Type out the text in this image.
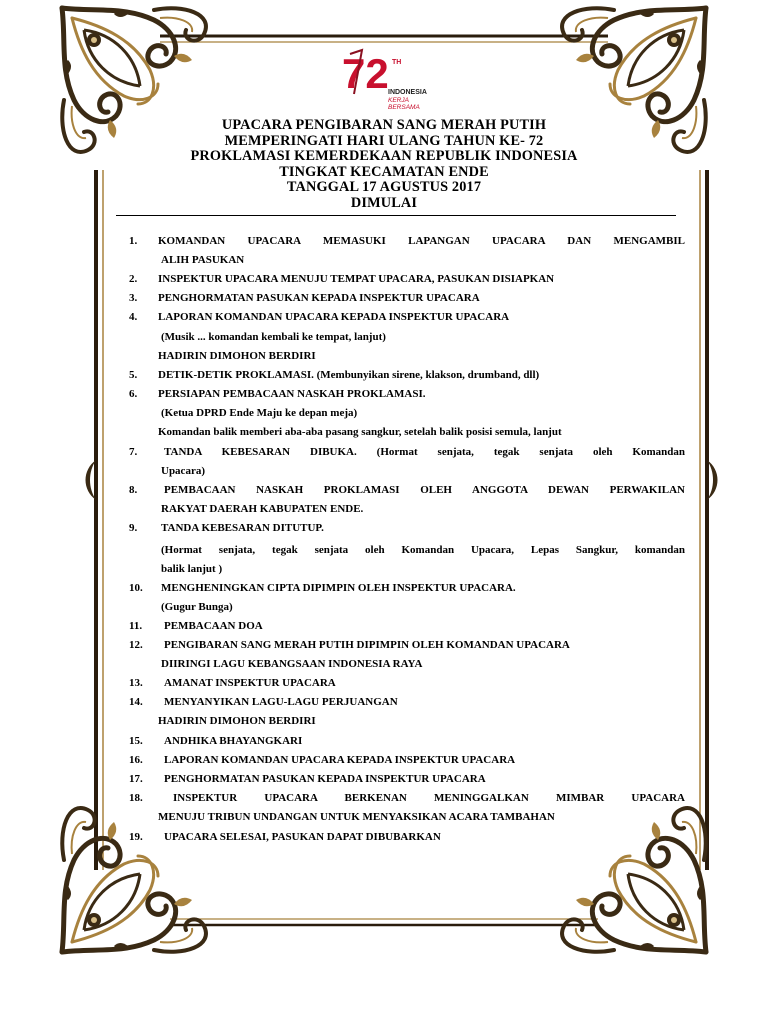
72 TH
INDONESIA
KERJA
BERSAMA
UPACARA PENGIBARAN SANG MERAH PUTIH
MEMPERINGATI HARI ULANG TAHUN KE- 72
PROKLAMASI KEMERDEKAAN REPUBLIK INDONESIA
TINGKAT KECAMATAN ENDE
TANGGAL 17 AGUSTUS 2017
DIMULAI
1. KOMANDAN UPACARA MEMASUKI LAPANGAN UPACARA DAN MENGAMBIL
ALIH PASUKAN
2. INSPEKTUR UPACARA MENUJU TEMPAT UPACARA, PASUKAN DISIAPKAN
3. PENGHORMATAN PASUKAN KEPADA INSPEKTUR UPACARA
4. LAPORAN KOMANDAN UPACARA KEPADA INSPEKTUR UPACARA
(Musik ... komandan kembali ke tempat, lanjut)
HADIRIN DIMOHON BERDIRI
5. DETIK-DETIK PROKLAMASI. (Membunyikan sirene, klakson, drumband, dll)
6. PERSIAPAN PEMBACAAN NASKAH PROKLAMASI.
(Ketua DPRD Ende Maju ke depan meja)
Komandan balik memberi aba-aba pasang sangkur, setelah balik posisi semula, lanjut
7. TANDA KEBESARAN DIBUKA. (Hormat senjata, tegak senjata oleh Komandan
Upacara)
8. PEMBACAAN NASKAH PROKLAMASI OLEH ANGGOTA DEWAN PERWAKILAN
RAKYAT DAERAH KABUPATEN ENDE.
9. TANDA KEBESARAN DITUTUP.
(Hormat senjata, tegak senjata oleh Komandan Upacara, Lepas Sangkur, komandan
balik lanjut )
10. MENGHENINGKAN CIPTA DIPIMPIN OLEH INSPEKTUR UPACARA.
(Gugur Bunga)
11. PEMBACAAN DOA
12. PENGIBARAN SANG MERAH PUTIH DIPIMPIN OLEH KOMANDAN UPACARA
DIIRINGI LAGU KEBANGSAAN INDONESIA RAYA
13. AMANAT INSPEKTUR UPACARA
14. MENYANYIKAN LAGU-LAGU PERJUANGAN
HADIRIN DIMOHON BERDIRI
15. ANDHIKA BHAYANGKARI
16. LAPORAN KOMANDAN UPACARA KEPADA INSPEKTUR UPACARA
17. PENGHORMATAN PASUKAN KEPADA INSPEKTUR UPACARA
18.	INSPEKTUR UPACARA BERKENAN MENINGGALKAN MIMBAR UPACARA
MENUJU TRIBUN UNDANGAN UNTUK MENYAKSIKAN ACARA TAMBAHAN
19. UPACARA SELESAI, PASUKAN DAPAT DIBUBARKAN
